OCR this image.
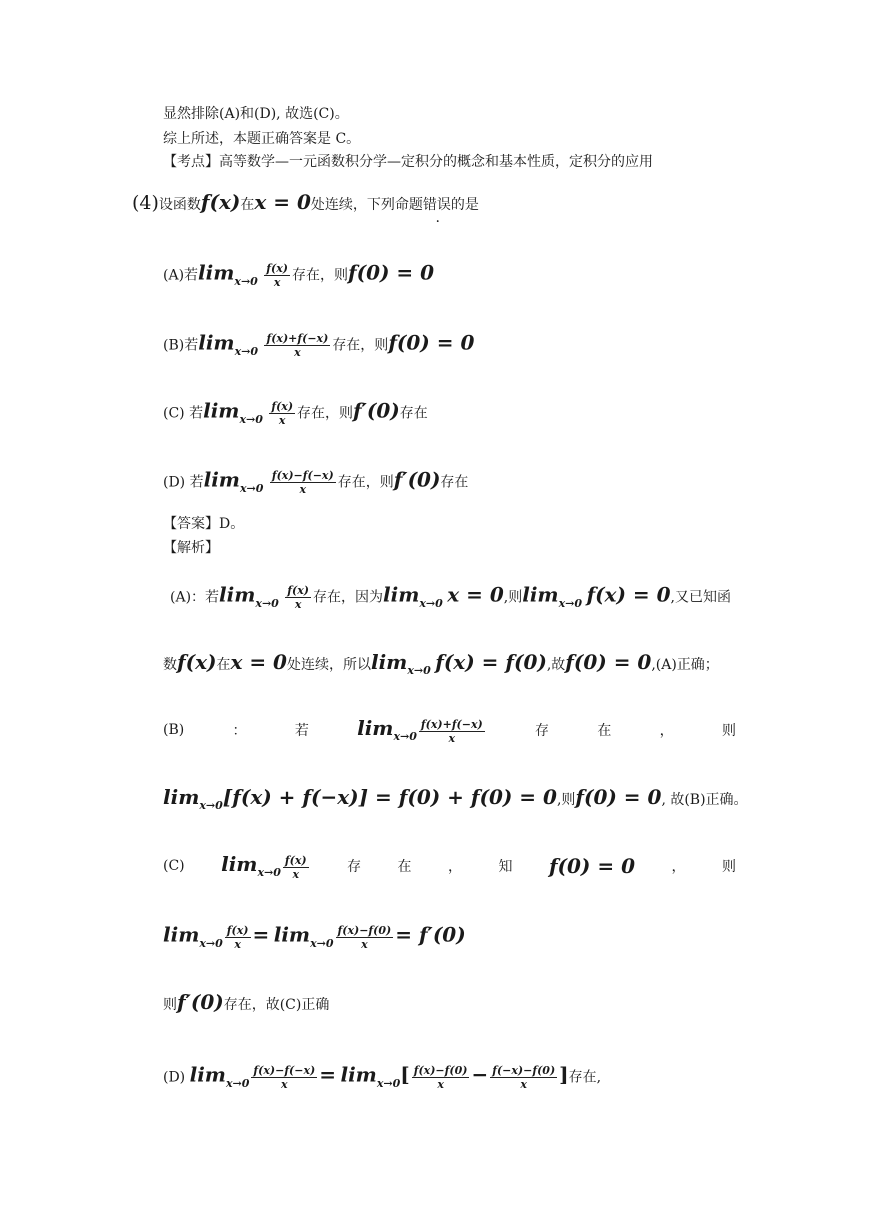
显然排除(A)和(D), 故选(C)。
综上所述，本题正确答案是 C。
【考点】高等数学—一元函数积分学—定积分的概念和基本性质，定积分的应用
(4)设函数f(x)在x = 0处连续，下列命题错误的是
(A)若$\lim_{x\to 0} \frac{f(x)}{x}$ 存在，则f(0) = 0
(B)若$\lim_{x\to 0} \frac{f(x)+f(-x)}{x}$ 存在，则f(0) = 0
(C) 若$\lim_{x\to 0} \frac{f(x)}{x}$ 存在，则f′(0)存在
(D) 若$\lim_{x\to 0} \frac{f(x)-f(-x)}{x}$ 存在，则f′(0)存在
【答案】D。
【解析】
(A)：若$\lim_{x\to 0} \frac{f(x)}{x}$ 存在，因为$\lim_{x\to 0} x = 0$,则$\lim_{x\to 0} f(x) = 0$,又已知函
数f(x)在x = 0处连续，所以$\lim_{x\to 0} f(x) = f(0)$,故f(0) = 0,(A)正确；
(B)	：	若 $\lim_{x\to 0} \frac{f(x)+f(-x)}{x}$	存	在	，	则
$\lim_{x\to 0}[f(x) + f(-x)] = f(0) + f(0) = 0$,则f(0) = 0, 故(B)正确。
(C) $\lim_{x\to 0} \frac{f(x)}{x}$	存	在	，	知 f(0) = 0	，	则
$\lim_{x\to 0} \frac{f(x)}{x} = \lim_{x\to 0} \frac{f(x)-f(0)}{x} = f'(0)$
则f′(0)存在，故(C)正确
(D) $\lim_{x\to 0} \frac{f(x)-f(-x)}{x} = \lim_{x\to 0}[ \frac{f(x)-f(0)}{x} - \frac{f(-x)-f(0)}{x}$ ]存在,
